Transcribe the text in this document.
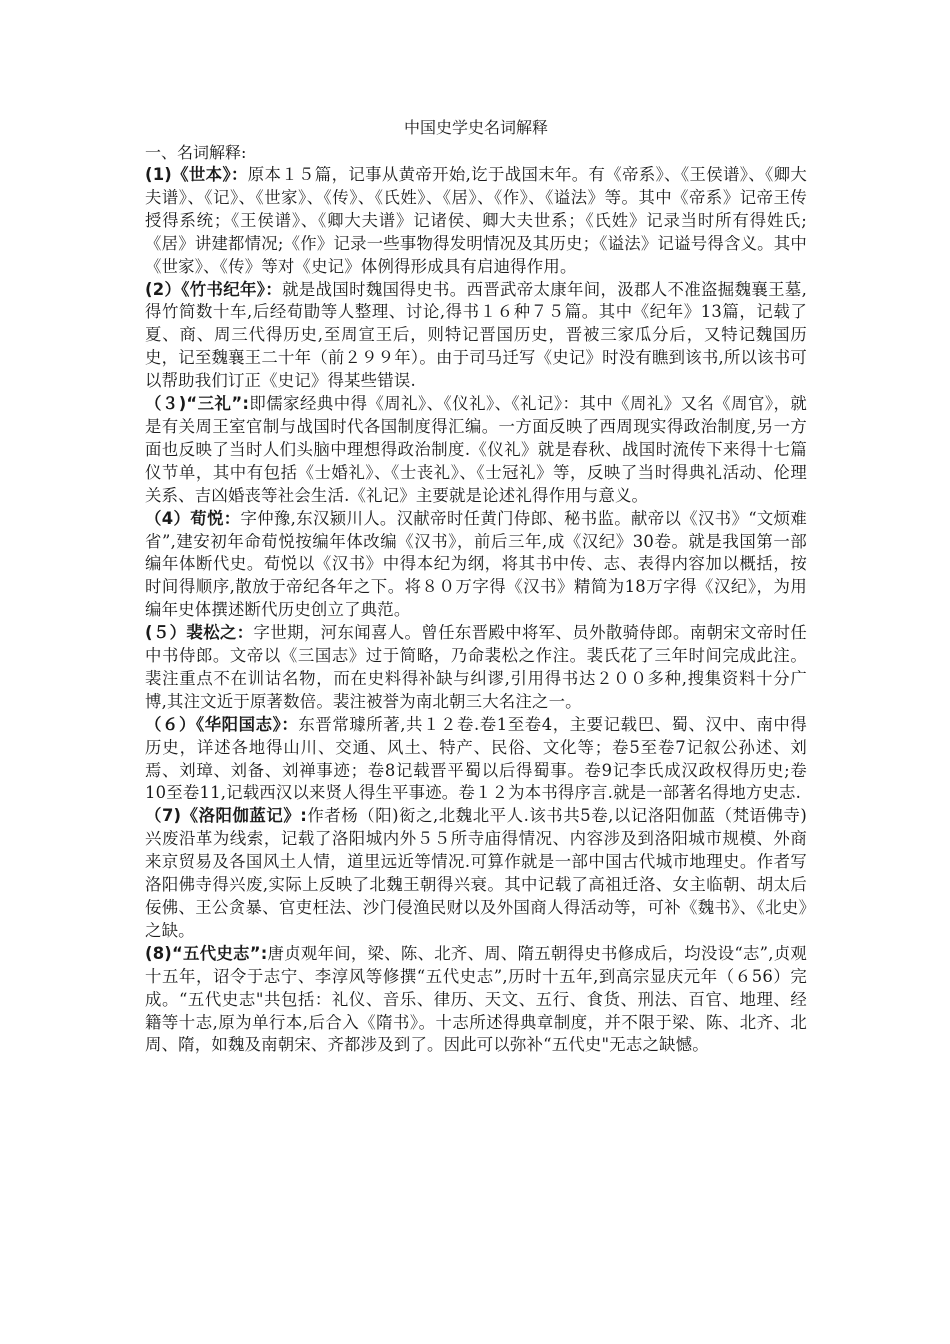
中国史学史名词解释

一、名词解释:

(1)《世本》：原本１５篇，记事从黄帝开始,讫于战国末年。有《帝系》、《王侯谱》、《卿大夫谱》、《记》、《世家》、《传》、《氏姓》、《居》、《作》、《谥法》等。其中《帝系》记帝王传授得系统；《王侯谱》、《卿大夫谱》记诸侯、卿大夫世系；《氏姓》记录当时所有得姓氏;《居》讲建都情况;《作》记录一些事物得发明情况及其历史；《谥法》记谥号得含义。其中《世家》、《传》等对《史记》体例得形成具有启迪得作用。

(2）《竹书纪年》：就是战国时魏国得史书。西晋武帝太康年间，汲郡人不准盗掘魏襄王墓,得竹简数十车,后经荀勖等人整理、讨论,得书１６种７５篇。其中《纪年》13篇，记载了夏、商、周三代得历史,至周宣王后，则特记晋国历史，晋被三家瓜分后，又特记魏国历史，记至魏襄王二十年（前２９９年）。由于司马迁写《史记》时没有瞧到该书,所以该书可以帮助我们订正《史记》得某些错误.

（３)“三礼”:即儒家经典中得《周礼》、《仪礼》、《礼记》：其中《周礼》又名《周官》，就是有关周王室官制与战国时代各国制度得汇编。一方面反映了西周现实得政治制度,另一方面也反映了当时人们头脑中理想得政治制度.《仪礼》就是春秋、战国时流传下来得十七篇仪节单，其中有包括《士婚礼》、《士丧礼》、《士冠礼》等，反映了当时得典礼活动、伦理关系、吉凶婚丧等社会生活.《礼记》主要就是论述礼得作用与意义。

（4）荀悦：字仲豫,东汉颍川人。汉献帝时任黄门侍郎、秘书监。献帝以《汉书》“文烦难省”,建安初年命荀悦按编年体改编《汉书》，前后三年,成《汉纪》30卷。就是我国第一部编年体断代史。荀悦以《汉书》中得本纪为纲，将其书中传、志、表得内容加以概括，按时间得顺序,散放于帝纪各年之下。将８０万字得《汉书》精简为18万字得《汉纪》，为用编年史体撰述断代历史创立了典范。

(５）裴松之：字世期，河东闻喜人。曾任东晋殿中将军、员外散骑侍郎。南朝宋文帝时任中书侍郎。文帝以《三国志》过于简略，乃命裴松之作注。裴氏花了三年时间完成此注。裴注重点不在训诂名物，而在史料得补缺与纠谬,引用得书达２００多种,搜集资料十分广博,其注文近于原著数倍。裴注被誉为南北朝三大名注之一。

（６）《华阳国志》：东晋常璩所著,共１２卷.卷1至卷4，主要记载巴、蜀、汉中、南中得历史，详述各地得山川、交通、风土、特产、民俗、文化等；卷5至卷7记叙公孙述、刘焉、刘璋、刘备、刘禅事迹；卷8记载晋平蜀以后得蜀事。卷9记李氏成汉政权得历史;卷10至卷11,记载西汉以来贤人得生平事迹。卷１２为本书得序言.就是一部著名得地方史志.

（7)《洛阳伽蓝记》:作者杨（阳)衒之,北魏北平人.该书共5卷,以记洛阳伽蓝（梵语佛寺)兴废沿革为线索，记载了洛阳城内外５５所寺庙得情况、内容涉及到洛阳城市规模、外商来京贸易及各国风土人情，道里远近等情况.可算作就是一部中国古代城市地理史。作者写洛阳佛寺得兴废,实际上反映了北魏王朝得兴衰。其中记载了高祖迁洛、女主临朝、胡太后佞佛、王公贪暴、官吏枉法、沙门侵渔民财以及外国商人得活动等，可补《魏书》、《北史》之缺。

(8)“五代史志”:唐贞观年间，梁、陈、北齐、周、隋五朝得史书修成后，均没设“志”,贞观十五年，诏令于志宁、李淳风等修撰“五代史志”,历时十五年,到高宗显庆元年（６56）完成。“五代史志"共包括：礼仪、音乐、律历、天文、五行、食货、刑法、百官、地理、经籍等十志,原为单行本,后合入《隋书》。十志所述得典章制度，并不限于梁、陈、北齐、北周、隋，如魏及南朝宋、齐都涉及到了。因此可以弥补“五代史"无志之缺憾。
